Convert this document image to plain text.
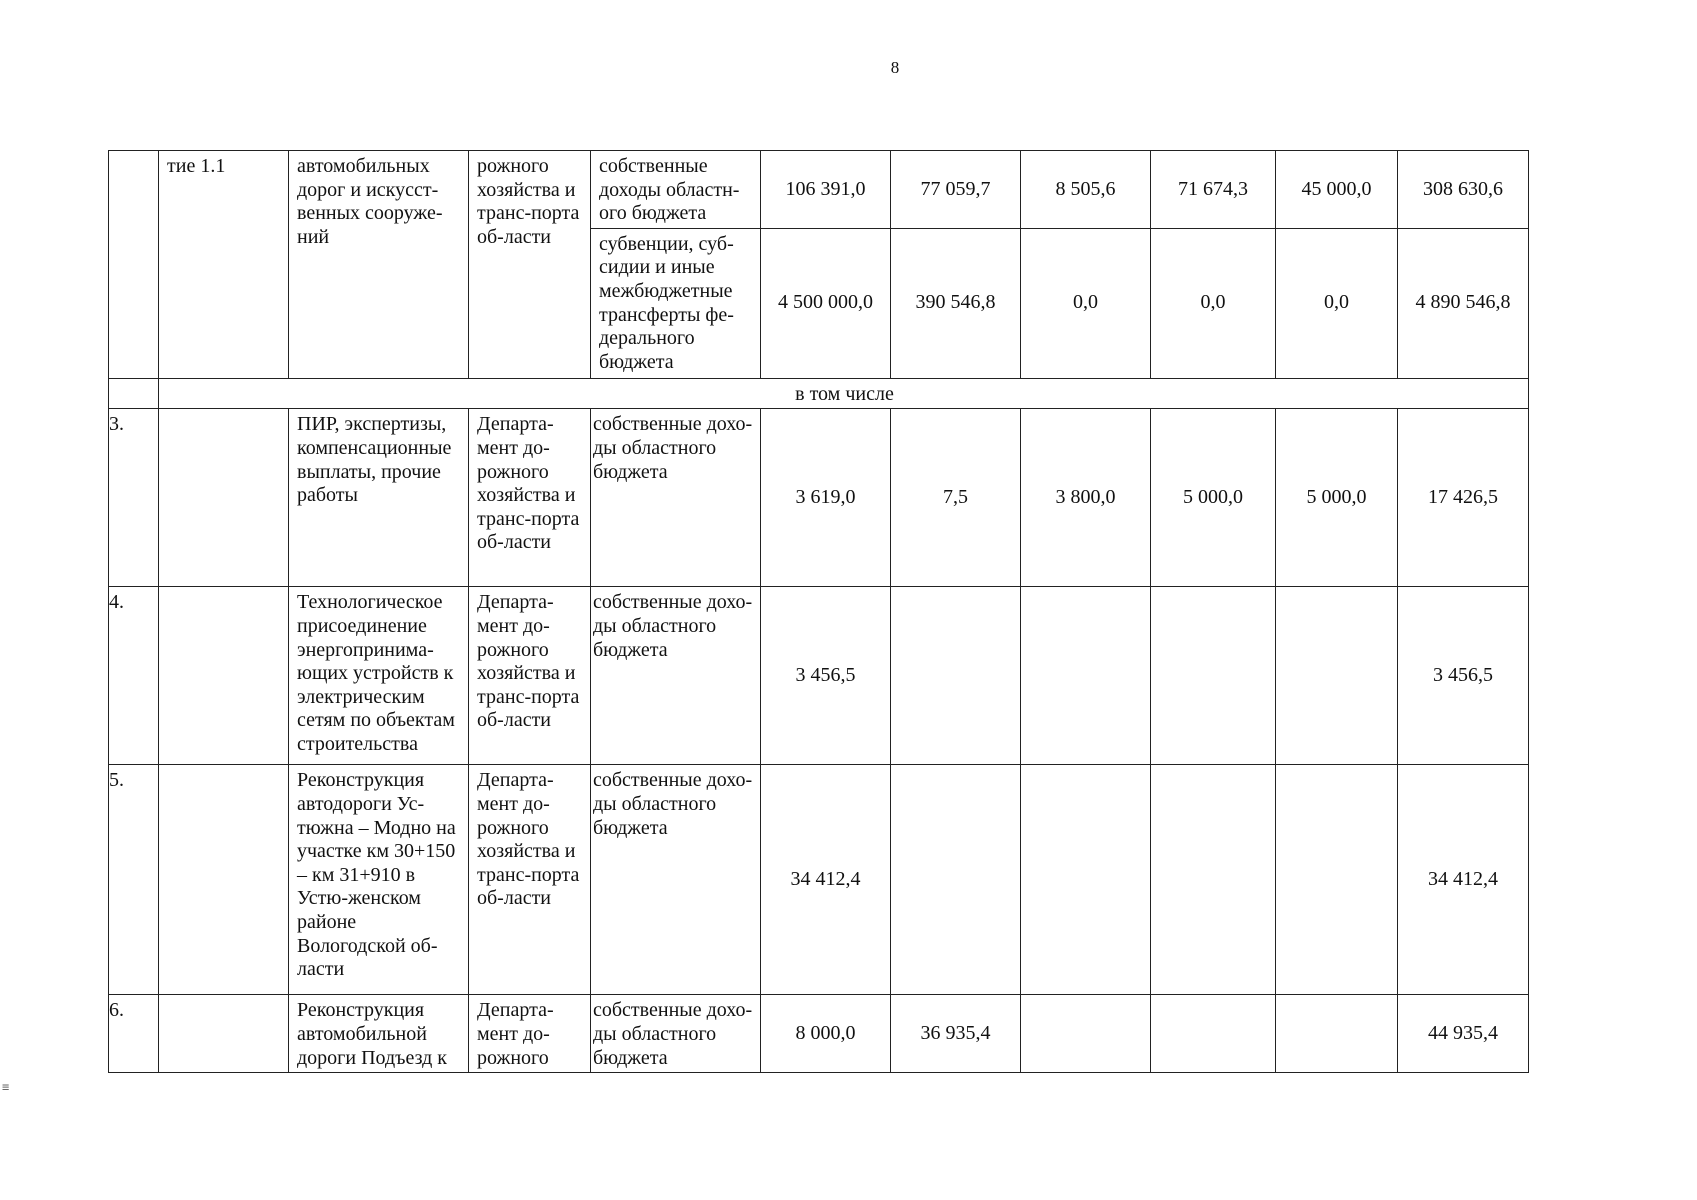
8
	тие 1.1	автомобильных дорог и искусст-венных сооруже-ний	рожного хозяйства и транс-порта об-ласти	собственные доходы областн-ого бюджета	106 391,0	77 059,7	8 505,6	71 674,3	45 000,0	308 630,6
				субвенции, суб-сидии и иные межбюджетные трансферты фе-дерального бюджета	4 500 000,0	390 546,8	0,0	0,0	0,0	4 890 546,8
	в том числе									
3.		ПИР, экспертизы, компенсационные выплаты, прочие работы	Департа-мент до-рожного хозяйства и транс-порта об-ласти	собственные дохо-ды областного бюджета	3 619,0	7,5	3 800,0	5 000,0	5 000,0	17 426,5
4.		Технологическое присоединение энергопринима-ющих устройств к электрическим сетям по объектам строительства	Департа-мент до-рожного хозяйства и транс-порта об-ласти	собственные дохо-ды областного бюджета	3 456,5					3 456,5
5.		Реконструкция автодороги Ус-тюжна – Модно на участке км 30+150 – км 31+910 в Устю-женском районе Вологодской об-ласти	Департа-мент до-рожного хозяйства и транс-порта об-ласти	собственные дохо-ды областного бюджета	34 412,4					34 412,4
6.		Реконструкция автомобильной дороги Подъезд к	Департа-мент до-рожного	собственные дохо-ды областного бюджета	8 000,0	36 935,4				44 935,4
≡
